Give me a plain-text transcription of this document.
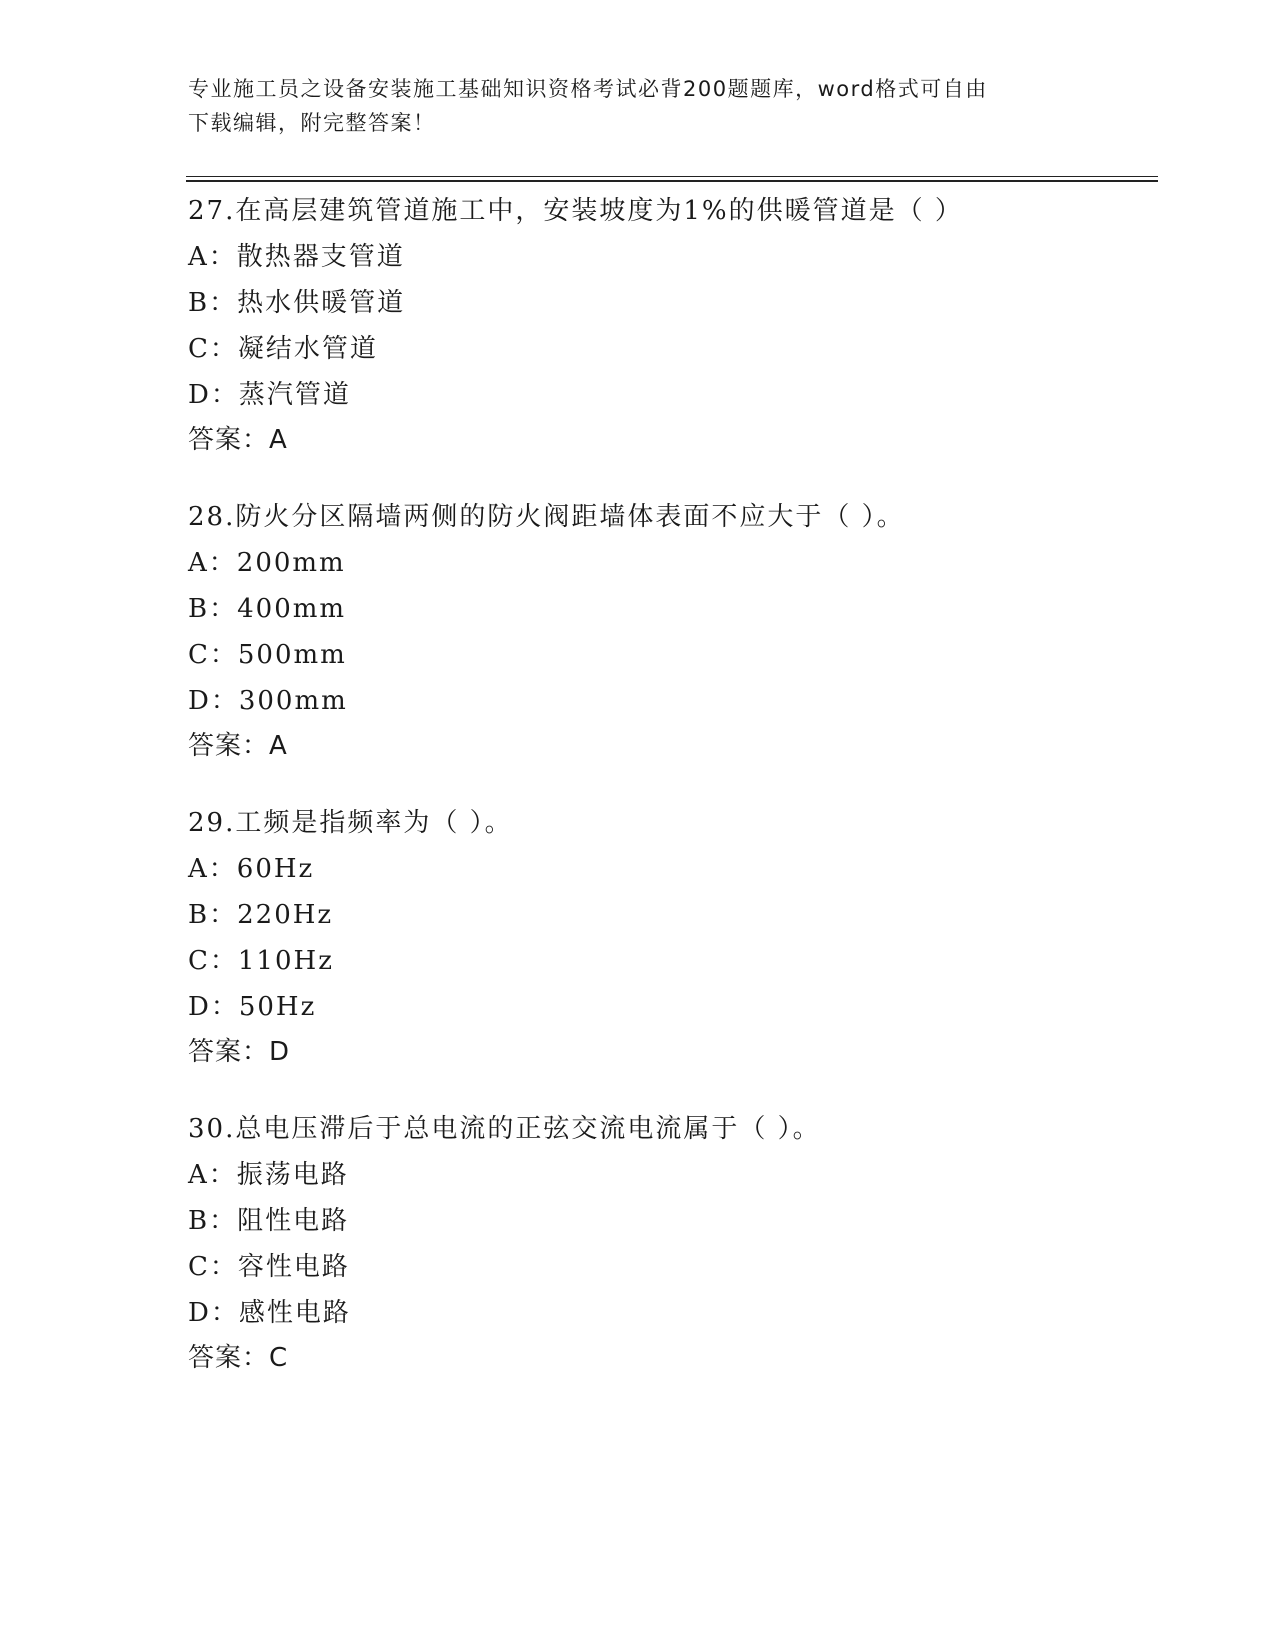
专业施工员之设备安装施工基础知识资格考试必背200题题库，word格式可自由
下载编辑，附完整答案！
27.在高层建筑管道施工中，安装坡度为1%的供暖管道是（ ）
A：散热器支管道
B：热水供暖管道
C：凝结水管道
D：蒸汽管道
答案：A
28.防火分区隔墙两侧的防火阀距墙体表面不应大于（ ）。
A：200mm
B：400mm
C：500mm
D：300mm
答案：A
29.工频是指频率为（ ）。
A：60Hz
B：220Hz
C：110Hz
D：50Hz
答案：D
30.总电压滞后于总电流的正弦交流电流属于（ ）。
A：振荡电路
B：阻性电路
C：容性电路
D：感性电路
答案：C
